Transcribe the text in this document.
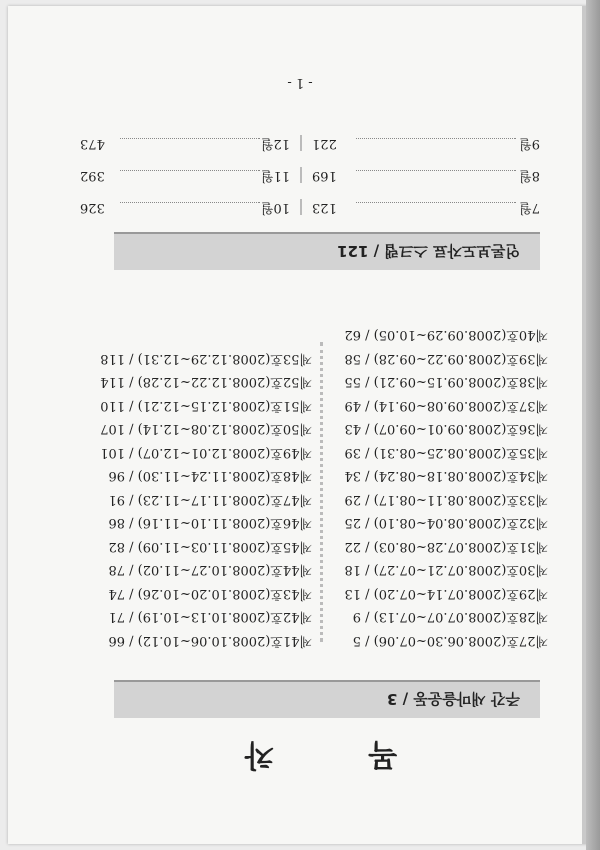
목 차
주간 새마을운동 / 3
제27호(2008.06.30~07.06) / 5
제28호(2008.07.07~07.13) / 9
제29호(2008.07.14~07.20) / 13
제30호(2008.07.21~07.27) / 18
제31호(2008.07.28~08.03) / 22
제32호(2008.08.04~08.10) / 25
제33호(2008.08.11~08.17) / 29
제34호(2008.08.18~08.24) / 34
제35호(2008.08.25~08.31) / 39
제36호(2008.09.01~09.07) / 43
제37호(2008.09.08~09.14) / 49
제38호(2008.09.15~09.21) / 55
제39호(2008.09.22~09.28) / 58
제40호(2008.09.29~10.05) / 62
제41호(2008.10.06~10.12) / 66
제42호(2008.10.13~10.19) / 71
제43호(2008.10.20~10.26) / 74
제44호(2008.10.27~11.02) / 78
제45호(2008.11.03~11.09) / 82
제46호(2008.11.10~11.16) / 86
제47호(2008.11.17~11.23) / 91
제48호(2008.11.24~11.30) / 96
제49호(2008.12.01~12.07) / 101
제50호(2008.12.08~12.14) / 107
제51호(2008.12.15~12.21) / 110
제52호(2008.12.22~12.28) / 114
제53호(2008.12.29~12.31) / 118
언론보도자료 스크랩 / 121
7월
123
10월
326
8월
169
11월
392
9월
221
12월
473
- 1 -
